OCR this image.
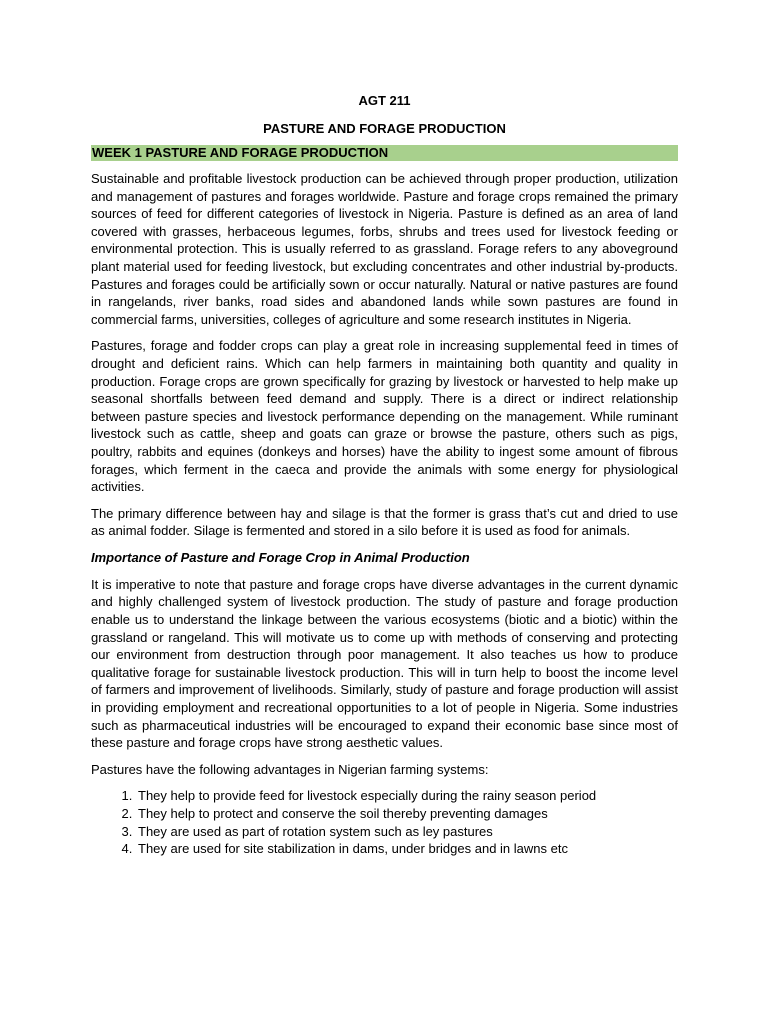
AGT 211

PASTURE AND FORAGE PRODUCTION

WEEK 1 PASTURE AND FORAGE PRODUCTION

Sustainable and profitable livestock production can be achieved through proper production, utilization and management of pastures and forages worldwide. Pasture and forage crops remained the primary sources of feed for different categories of livestock in Nigeria. Pasture is defined as an area of land covered with grasses, herbaceous legumes, forbs, shrubs and trees used for livestock feeding or environmental protection. This is usually referred to as grassland. Forage refers to any aboveground plant material used for feeding livestock, but excluding concentrates and other industrial by-products. Pastures and forages could be artificially sown or occur naturally. Natural or native pastures are found in rangelands, river banks, road sides and abandoned lands while sown pastures are found in commercial farms, universities, colleges of agriculture and some research institutes in Nigeria.

Pastures, forage and fodder crops can play a great role in increasing supplemental feed in times of drought and deficient rains. Which can help farmers in maintaining both quantity and quality in production. Forage crops are grown specifically for grazing by livestock or harvested to help make up seasonal shortfalls between feed demand and supply. There is a direct or indirect relationship between pasture species and livestock performance depending on the management. While ruminant livestock such as cattle, sheep and goats can graze or browse the pasture, others such as pigs, poultry, rabbits and equines (donkeys and horses) have the ability to ingest some amount of fibrous forages, which ferment in the caeca and provide the animals with some energy for physiological activities.

The primary difference between hay and silage is that the former is grass that’s cut and dried to use as animal fodder. Silage is fermented and stored in a silo before it is used as food for animals.

Importance of Pasture and Forage Crop in Animal Production

It is imperative to note that pasture and forage crops have diverse advantages in the current dynamic and highly challenged system of livestock production. The study of pasture and forage production enable us to understand the linkage between the various ecosystems (biotic and a biotic) within the grassland or rangeland. This will motivate us to come up with methods of conserving and protecting our environment from destruction through poor management. It also teaches us how to produce qualitative forage for sustainable livestock production. This will in turn help to boost the income level of farmers and improvement of livelihoods. Similarly, study of pasture and forage production will assist in providing employment and recreational opportunities to a lot of people in Nigeria. Some industries such as pharmaceutical industries will be encouraged to expand their economic base since most of these pasture and forage crops have strong aesthetic values.

Pastures have the following advantages in Nigerian farming systems:

1. They help to provide feed for livestock especially during the rainy season period
2. They help to protect and conserve the soil thereby preventing damages
3. They are used as part of rotation system such as ley pastures
4. They are used for site stabilization in dams, under bridges and in lawns etc
